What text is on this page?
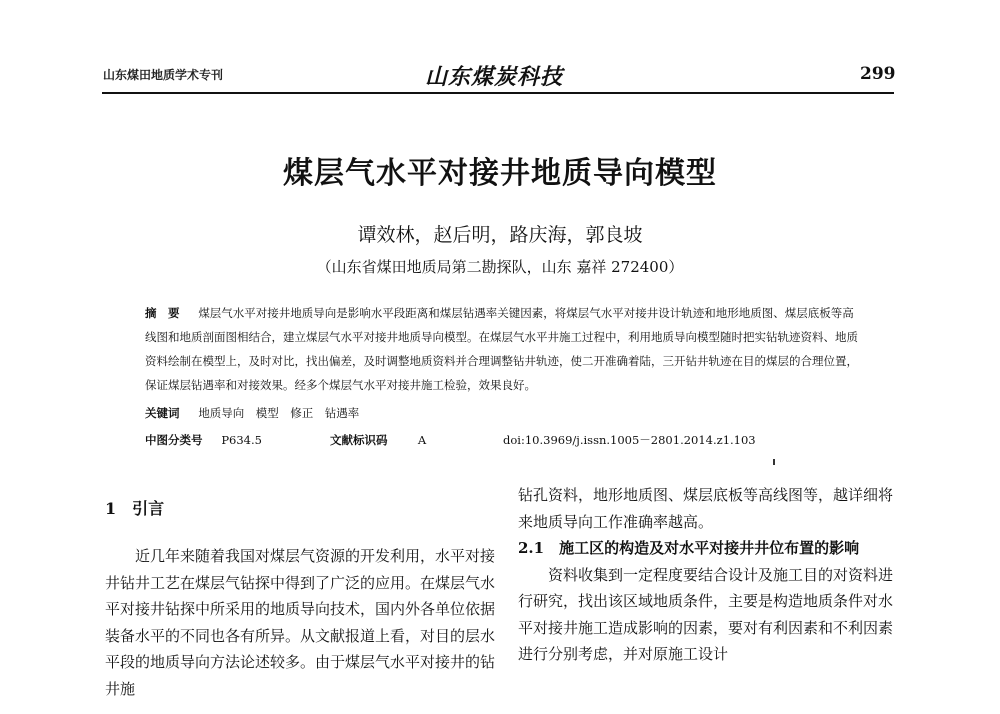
山东煤田地质学术专刊	山东煤炭科技	299
煤层气水平对接井地质导向模型
谭效林，赵后明，路庆海，郭良坡
（山东省煤田地质局第二勘探队，山东 嘉祥 272400）
摘　要 　 煤层气水平对接井地质导向是影响水平段距离和煤层钻遇率关键因素，将煤层气水平对接井设计轨迹和地形地质图、煤层底板等高线图和地质剖面图相结合，建立煤层气水平对接井地质导向模型。在煤层气水平井施工过程中，利用地质导向模型随时把实钻轨迹资料、地质资料绘制在模型上，及时对比，找出偏差，及时调整地质资料并合理调整钻井轨迹，使二开准确着陆，三开钻井轨迹在目的煤层的合理位置，保证煤层钻遇率和对接效果。经多个煤层气水平对接井施工检验，效果良好。
关键词 　 地质导向　模型　修正　钻遇率
中图分类号 　 P634.5	文献标识码 　　	A	doi:10.3969/j.issn.1005－2801.2014.z1.103
1　引言

近几年来随着我国对煤层气资源的开发利用，水平对接井钻井工艺在煤层气钻探中得到了广泛的应用。在煤层气水平对接井钻探中所采用的地质导向技术，国内外各单位依据装备水平的不同也各有所异。从文献报道上看，对目的层水平段的地质导向方法论述较多。由于煤层气水平对接井的钻井施

钻孔资料，地形地质图、煤层底板等高线图等，越详细将来地质导向工作准确率越高。

2.1　施工区的构造及对水平对接井井位布置的影响

资料收集到一定程度要结合设计及施工目的对资料进行研究，找出该区域地质条件，主要是构造地质条件对水平对接井施工造成影响的因素，要对有利因素和不利因素进行分别考虑，并对原施工设计
